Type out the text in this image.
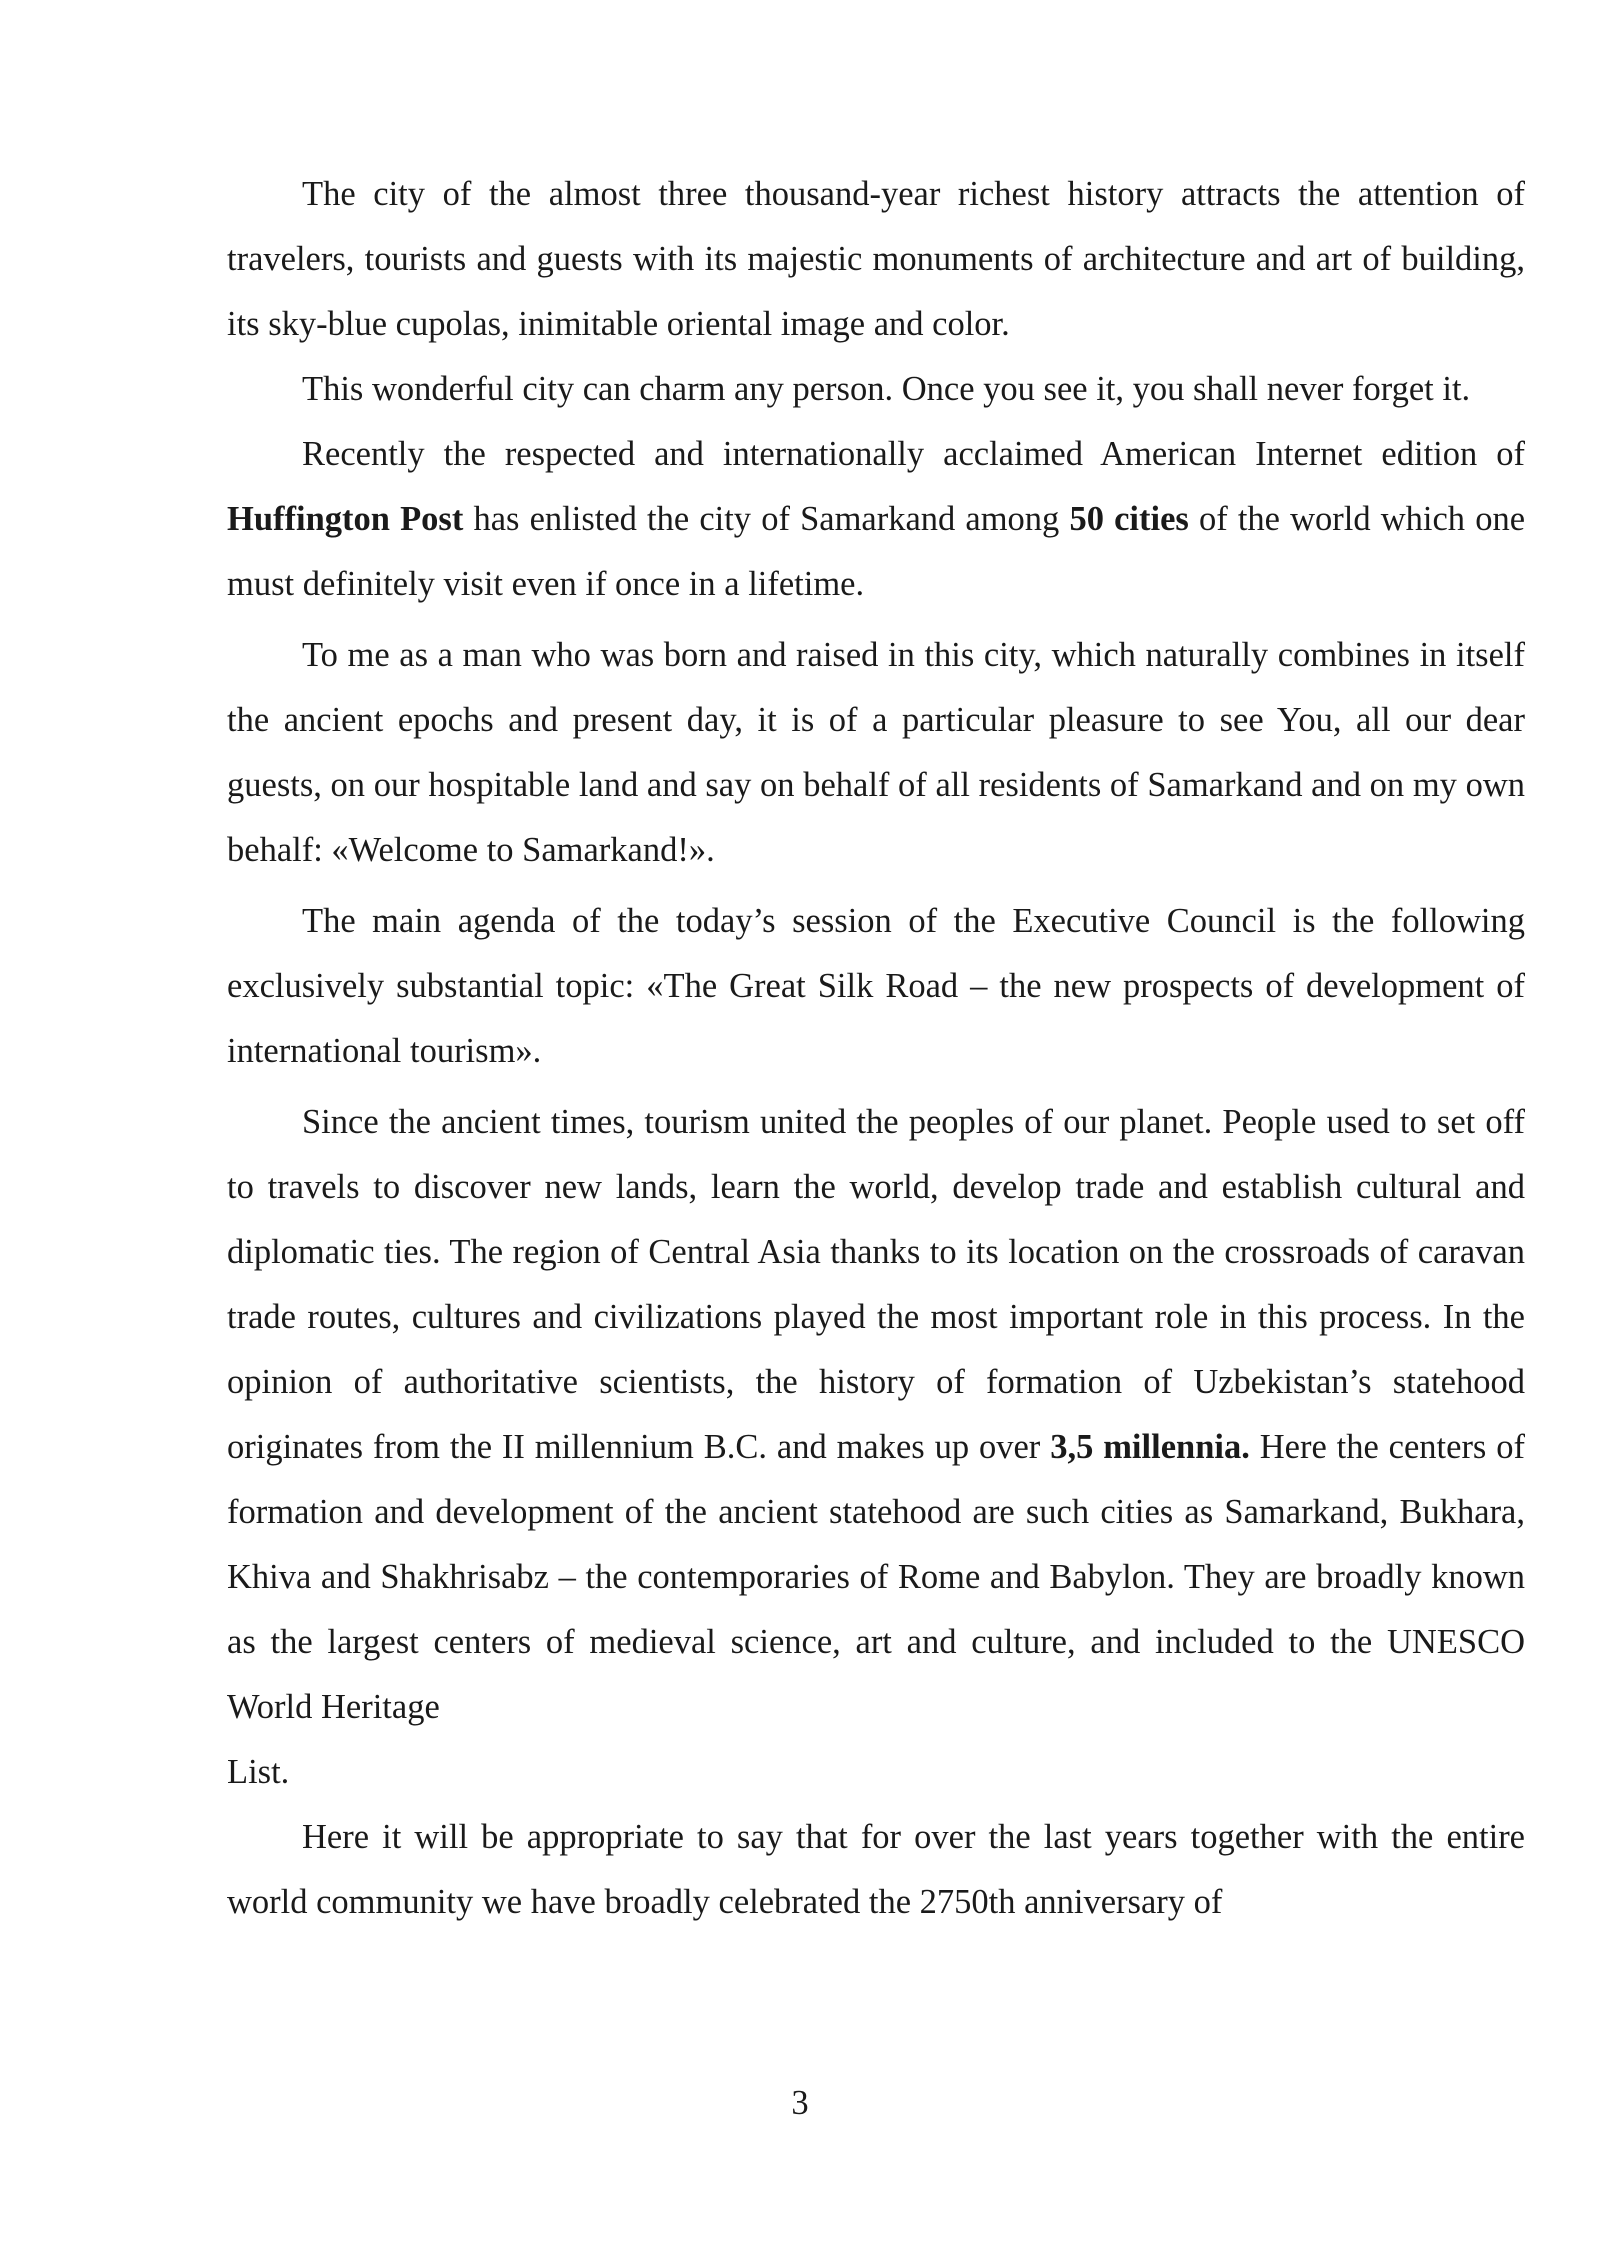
The city of the almost three thousand-year richest history attracts the attention of travelers, tourists and guests with its majestic monuments of architecture and art of building, its sky-blue cupolas, inimitable oriental image and color.

This wonderful city can charm any person. Once you see it, you shall never forget it.

Recently the respected and internationally acclaimed American Internet edition of Huffington Post has enlisted the city of Samarkand among 50 cities of the world which one must definitely visit even if once in a lifetime.

To me as a man who was born and raised in this city, which naturally combines in itself the ancient epochs and present day, it is of a particular pleasure to see You, all our dear guests, on our hospitable land and say on behalf of all residents of Samarkand and on my own behalf: «Welcome to Samarkand!».

The main agenda of the today’s session of the Executive Council is the following exclusively substantial topic: «The Great Silk Road – the new prospects of development of international tourism».

Since the ancient times, tourism united the peoples of our planet. People used to set off to travels to discover new lands, learn the world, develop trade and establish cultural and diplomatic ties. The region of Central Asia thanks to its location on the crossroads of caravan trade routes, cultures and civilizations played the most important role in this process. In the opinion of authoritative scientists, the history of formation of Uzbekistan’s statehood originates from the II millennium B.C. and makes up over 3,5 millennia. Here the centers of formation and development of the ancient statehood are such cities as Samarkand, Bukhara, Khiva and Shakhrisabz – the contemporaries of Rome and Babylon. They are broadly known as the largest centers of medieval science, art and culture, and included to the UNESCO World Heritage

List.

Here it will be appropriate to say that for over the last years together with the entire world community we have broadly celebrated the 2750th anniversary of

3
